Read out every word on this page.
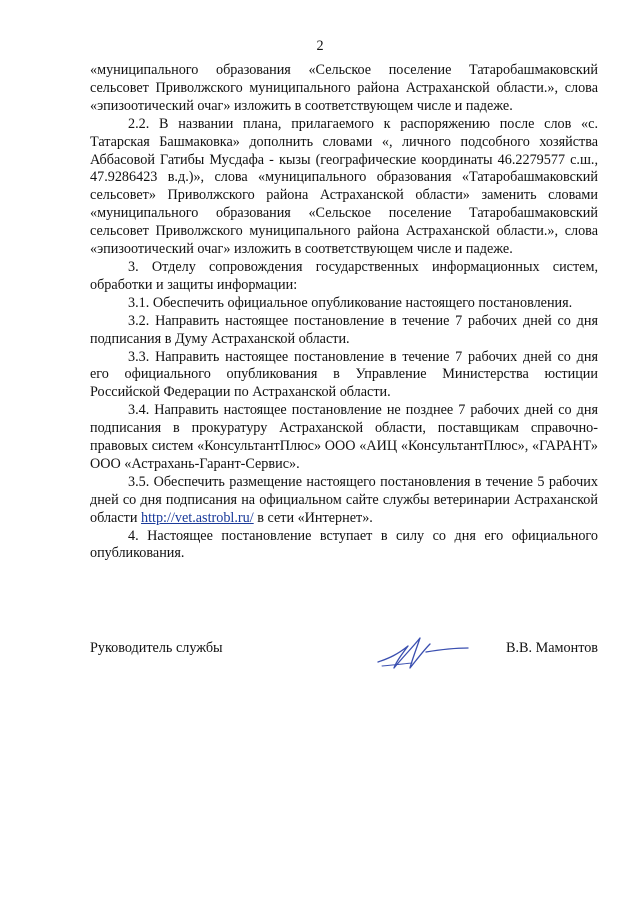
2

«муниципального образования «Сельское поселение Татаробашмаковский сельсовет Приволжского муниципального района Астраханской области.», слова «эпизоотический очаг» изложить в соответствующем числе и падеже.

2.2. В названии плана, прилагаемого к распоряжению после слов «с. Татарская Башмаковка» дополнить словами «, личного подсобного хозяйства Аббасовой Гатибы Мусдафа - кызы (географические координаты 46.2279577 с.ш., 47.9286423 в.д.)», слова «муниципального образования «Татаробашмаковский сельсовет» Приволжского района Астраханской области» заменить словами «муниципального образования «Сельское поселение Татаробашмаковский сельсовет Приволжского муниципального района Астраханской области.», слова «эпизоотический очаг» изложить в соответствующем числе и падеже.

3. Отделу сопровождения государственных информационных систем, обработки и защиты информации:

3.1. Обеспечить официальное опубликование настоящего постановления.

3.2. Направить настоящее постановление в течение 7 рабочих дней со дня подписания в Думу Астраханской области.

3.3. Направить настоящее постановление в течение 7 рабочих дней со дня его официального опубликования в Управление Министерства юстиции Российской Федерации по Астраханской области.

3.4. Направить настоящее постановление не позднее 7 рабочих дней со дня подписания в прокуратуру Астраханской области, поставщикам справочно-правовых систем «КонсультантПлюс» ООО «АИЦ «КонсультантПлюс», «ГАРАНТ» ООО «Астрахань-Гарант-Сервис».

3.5. Обеспечить размещение настоящего постановления в течение 5 рабочих дней со дня подписания на официальном сайте службы ветеринарии Астраханской области http://vet.astrobl.ru/ в сети «Интернет».

4. Настоящее постановление вступает в силу со дня его официального опубликования.

Руководитель службы	В.В. Мамонтов
